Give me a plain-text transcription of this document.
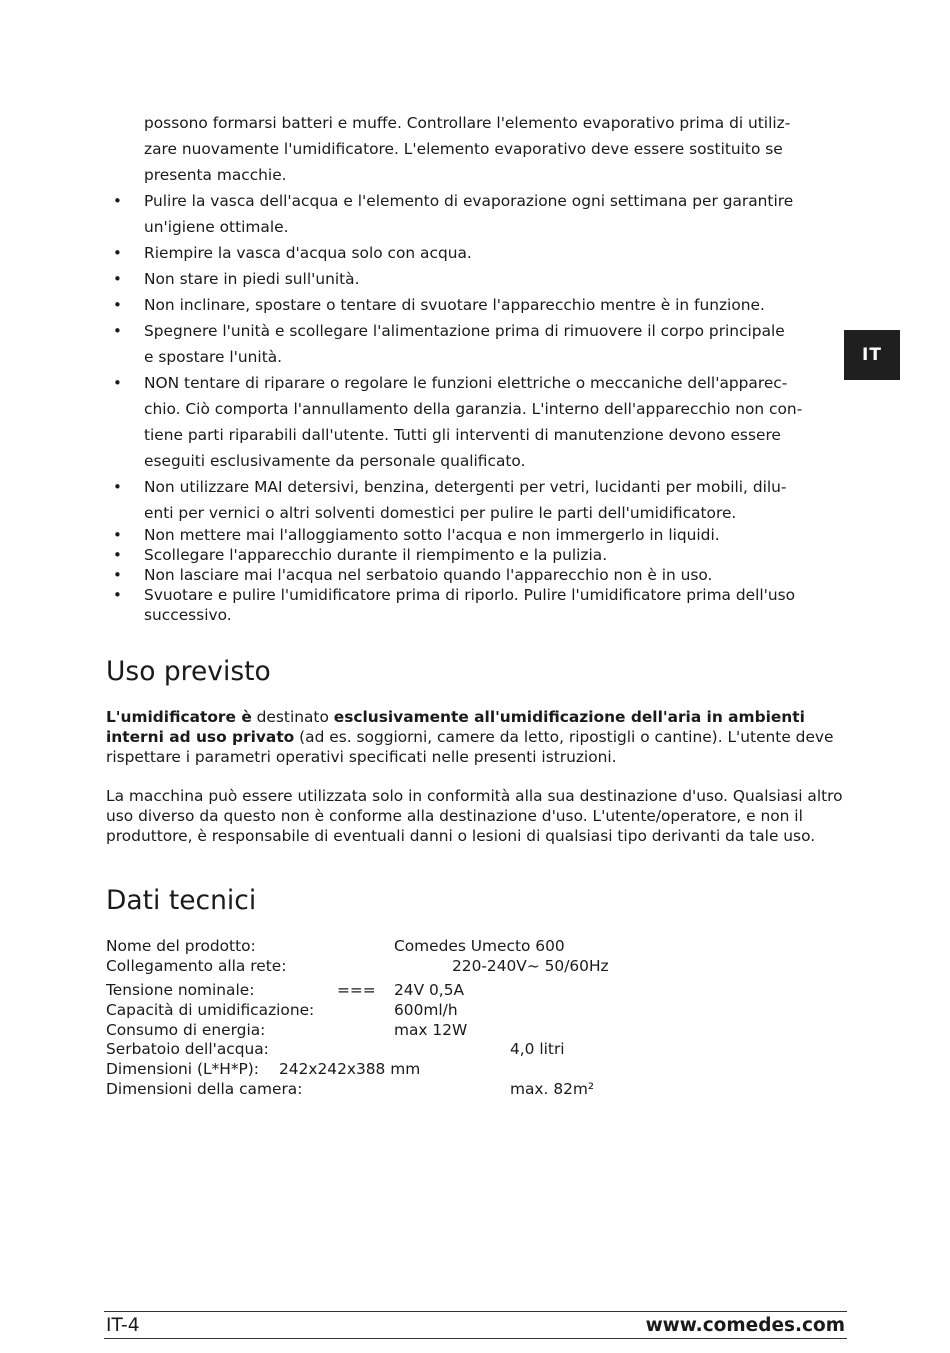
IT
possono formarsi batteri e muffe. Controllare l'elemento evaporativo prima di utiliz-
zare nuovamente l'umidificatore. L'elemento evaporativo deve essere sostituito se
presenta macchie.
• Pulire la vasca dell'acqua e l'elemento di evaporazione ogni settimana per garantire
un'igiene ottimale.
• Riempire la vasca d'acqua solo con acqua.
• Non stare in piedi sull'unità.
• Non inclinare, spostare o tentare di svuotare l'apparecchio mentre è in funzione.
• Spegnere l'unità e scollegare l'alimentazione prima di rimuovere il corpo principale
e spostare l'unità.
• NON tentare di riparare o regolare le funzioni elettriche o meccaniche dell'apparec-
chio. Ciò comporta l'annullamento della garanzia. L'interno dell'apparecchio non con-
tiene parti riparabili dall'utente. Tutti gli interventi di manutenzione devono essere
eseguiti esclusivamente da personale qualificato.
• Non utilizzare MAI detersivi, benzina, detergenti per vetri, lucidanti per mobili, dilu-
enti per vernici o altri solventi domestici per pulire le parti dell'umidificatore.
• Non mettere mai l'alloggiamento sotto l'acqua e non immergerlo in liquidi.
• Scollegare l'apparecchio durante il riempimento e la pulizia.
• Non lasciare mai l'acqua nel serbatoio quando l'apparecchio non è in uso.
• Svuotare e pulire l'umidificatore prima di riporlo. Pulire l'umidificatore prima dell'uso
successivo.
Uso previsto
L'umidificatore è destinato esclusivamente all'umidificazione dell'aria in ambienti interni ad uso privato (ad es. soggiorni, camere da letto, ripostigli o cantine). L'utente deve rispettare i parametri operativi specificati nelle presenti istruzioni.
La macchina può essere utilizzata solo in conformità alla sua destinazione d'uso. Qualsiasi altro uso diverso da questo non è conforme alla destinazione d'uso. L'utente/operatore, e non il produttore, è responsabile di eventuali danni o lesioni di qualsiasi tipo derivanti da tale uso.
Dati tecnici
Nome del prodotto:	Comedes Umecto 600
Collegamento alla rete:	220-240V~ 50/60Hz
Tensione nominale:	24V 0,5A
Capacità di umidificazione:	600ml/h
Consumo di energia:	max 12W
Serbatoio dell'acqua:	4,0 litri
Dimensioni (L*H*P): 242x242x388 mm
Dimensioni della camera:	max. 82m²
===
IT-4	www.comedes.com
